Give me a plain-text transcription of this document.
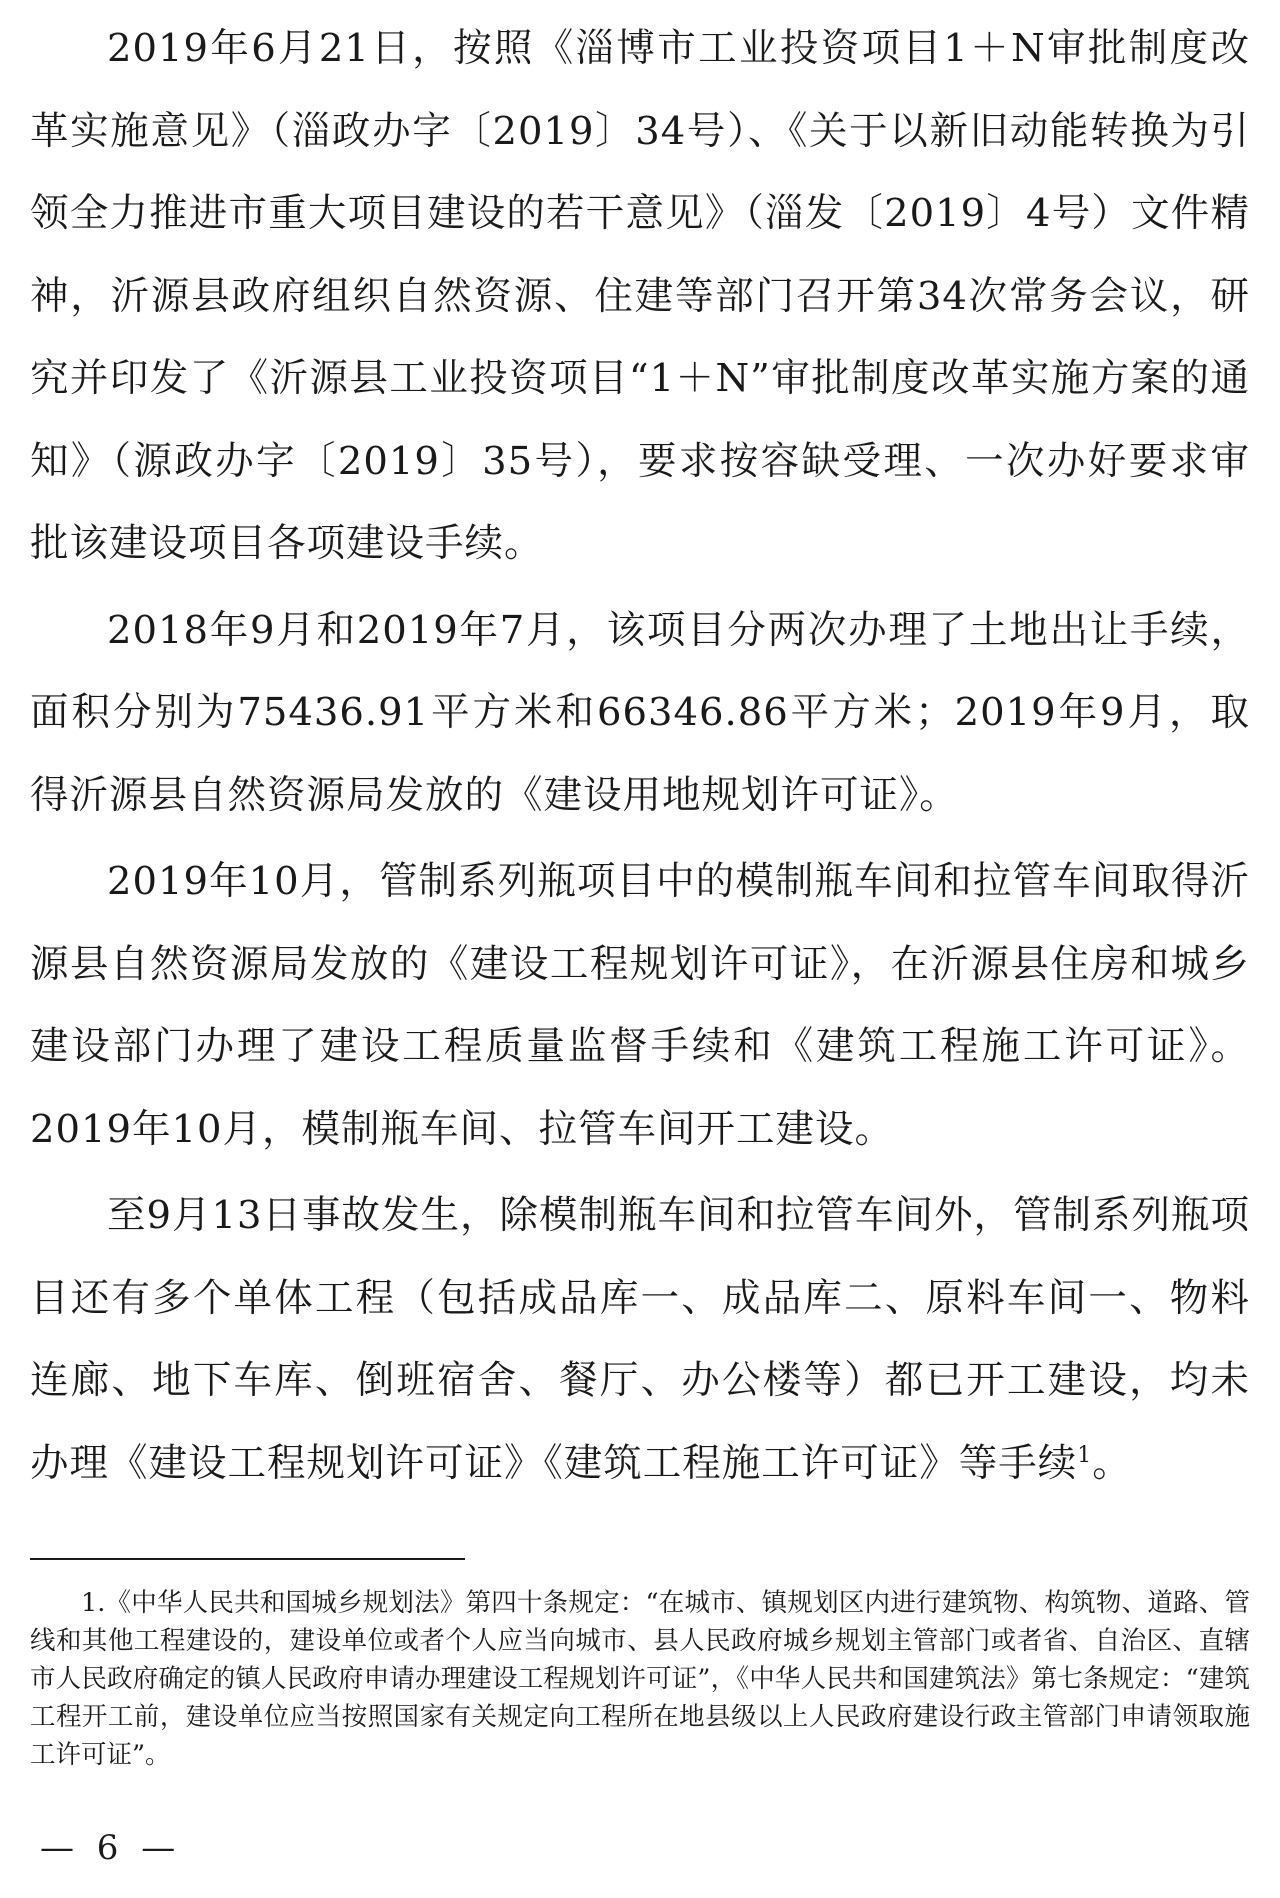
2019年6月21日，按照《淄博市工业投资项目1＋N审批制度改革实施意见》（淄政办字〔2019〕34号）、《关于以新旧动能转换为引领全力推进市重大项目建设的若干意见》（淄发〔2019〕4号）文件精神，沂源县政府组织自然资源、住建等部门召开第34次常务会议，研究并印发了《沂源县工业投资项目“1＋N”审批制度改革实施方案的通知》（源政办字〔2019〕35号），要求按容缺受理、一次办好要求审批该建设项目各项建设手续。

2018年9月和2019年7月，该项目分两次办理了土地出让手续，面积分别为75436.91平方米和66346.86平方米；2019年9月，取得沂源县自然资源局发放的《建设用地规划许可证》。

2019年10月，管制系列瓶项目中的模制瓶车间和拉管车间取得沂源县自然资源局发放的《建设工程规划许可证》，在沂源县住房和城乡建设部门办理了建设工程质量监督手续和《建筑工程施工许可证》。2019年10月，模制瓶车间、拉管车间开工建设。

至9月13日事故发生，除模制瓶车间和拉管车间外，管制系列瓶项目还有多个单体工程（包括成品库一、成品库二、原料车间一、物料连廊、地下车库、倒班宿舍、餐厅、办公楼等）都已开工建设，均未办理《建设工程规划许可证》《建筑工程施工许可证》等手续$^1$。

1.《中华人民共和国城乡规划法》第四十条规定：“在城市、镇规划区内进行建筑物、构筑物、道路、管线和其他工程建设的，建设单位或者个人应当向城市、县人民政府城乡规划主管部门或者省、自治区、直辖市人民政府确定的镇人民政府申请办理建设工程规划许可证”，《中华人民共和国建筑法》第七条规定：“建筑工程开工前，建设单位应当按照国家有关规定向工程所在地县级以上人民政府建设行政主管部门申请领取施工许可证”。

— 6 —
